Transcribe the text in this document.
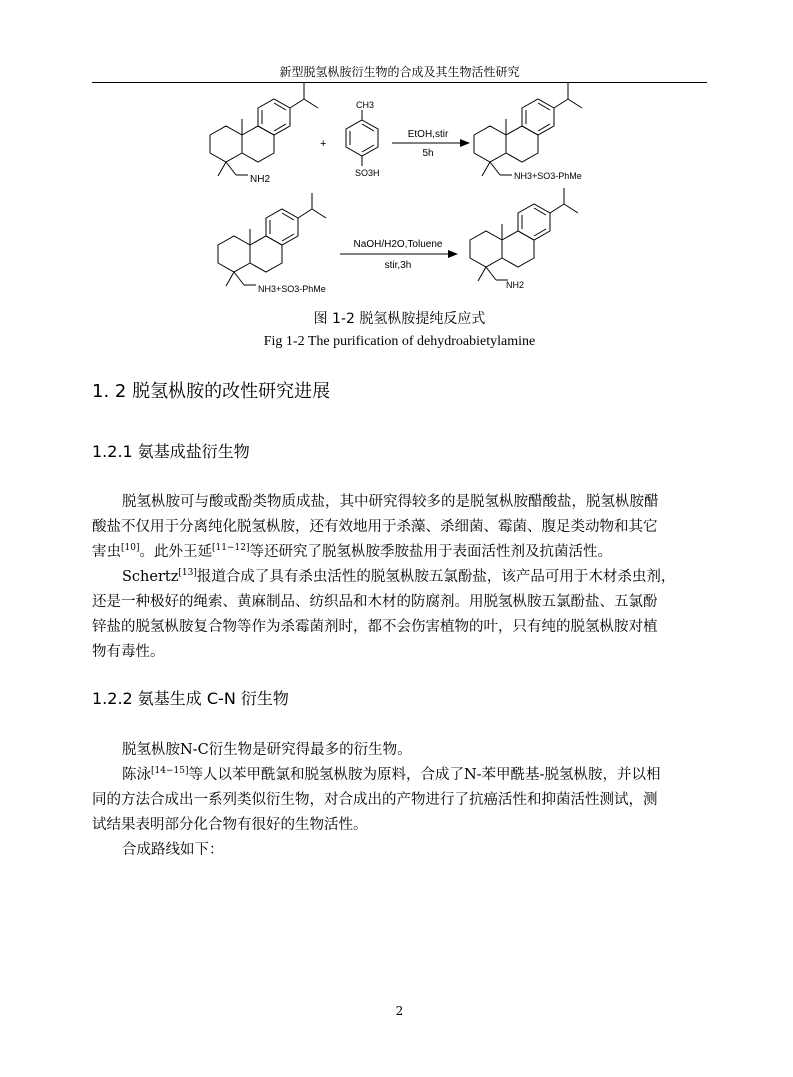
新型脱氢枞胺衍生物的合成及其生物活性研究
NH2
+
CH3
SO3H
EtOH,stir
5h
NH3+SO3-PhMe
NH3+SO3-PhMe
NaOH/H2O,Toluene
stir,3h
NH2
图 1-2 脱氢枞胺提纯反应式
Fig 1-2 The purification of dehydroabietylamine
1. 2 脱氢枞胺的改性研究进展
1.2.1 氨基成盐衍生物
脱氢枞胺可与酸或酚类物质成盐，其中研究得较多的是脱氢枞胺醋酸盐，脱氢枞胺醋
酸盐不仅用于分离纯化脱氢枞胺，还有效地用于杀藻、杀细菌、霉菌、腹足类动物和其它
害虫[10]。此外王延[11−12]等还研究了脱氢枞胺季胺盐用于表面活性剂及抗菌活性。
Schertz[13]报道合成了具有杀虫活性的脱氢枞胺五氯酚盐，该产品可用于木材杀虫剂，
还是一种极好的绳索、黄麻制品、纺织品和木材的防腐剂。用脱氢枞胺五氯酚盐、五氯酚
锌盐的脱氢枞胺复合物等作为杀霉菌剂时，都不会伤害植物的叶，只有纯的脱氢枞胺对植
物有毒性。
1.2.2 氨基生成 C-N 衍生物
脱氢枞胺N-C衍生物是研究得最多的衍生物。
陈泳[14−15]等人以苯甲酰氯和脱氢枞胺为原料，合成了N-苯甲酰基-脱氢枞胺，并以相
同的方法合成出一系列类似衍生物，对合成出的产物进行了抗癌活性和抑菌活性测试，测
试结果表明部分化合物有很好的生物活性。
合成路线如下：
2
